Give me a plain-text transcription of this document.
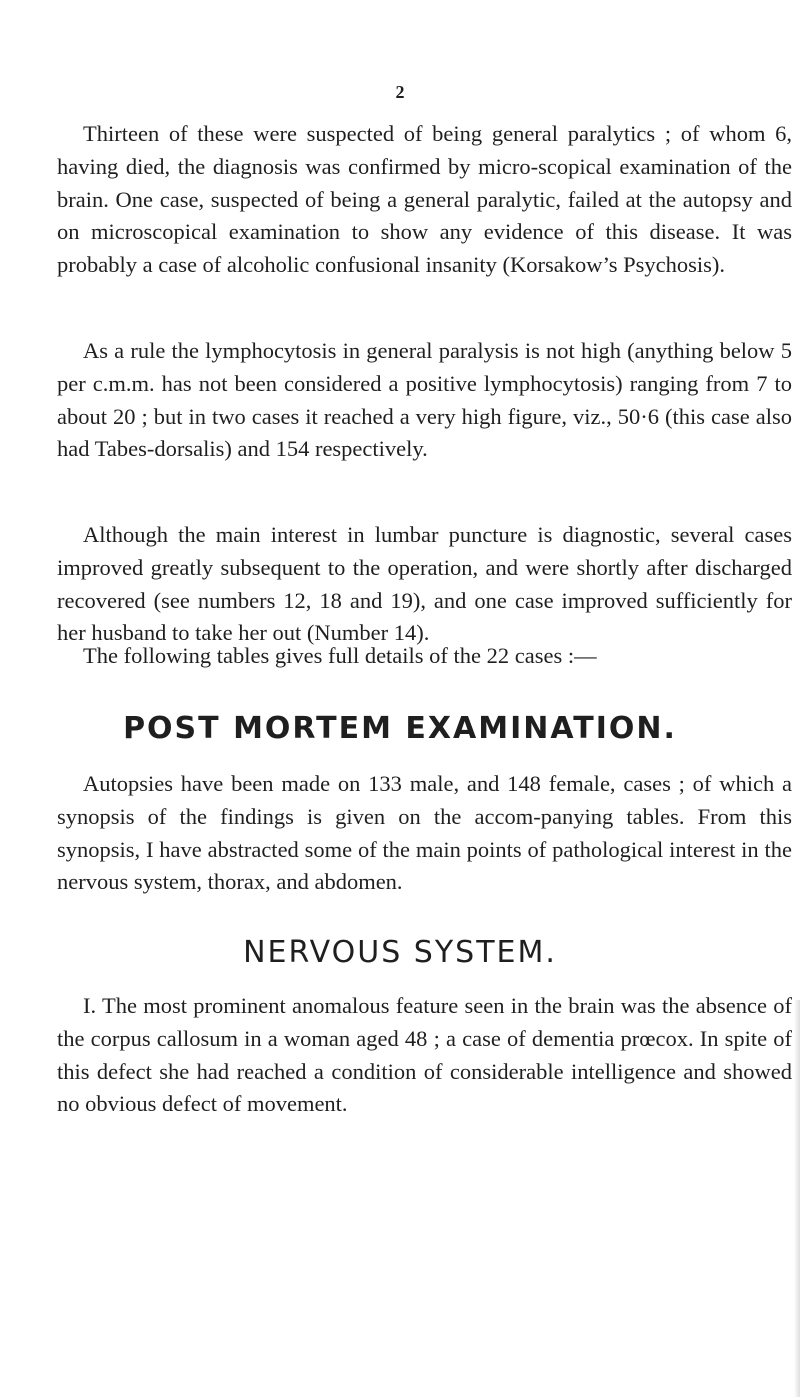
2

Thirteen of these were suspected of being general paralytics ; of whom 6, having died, the diagnosis was confirmed by micro-scopical examination of the brain. One case, suspected of being a general paralytic, failed at the autopsy and on microscopical examination to show any evidence of this disease. It was probably a case of alcoholic confusional insanity (Korsakow’s Psychosis).

As a rule the lymphocytosis in general paralysis is not high (anything below 5 per c.m.m. has not been considered a positive lymphocytosis) ranging from 7 to about 20 ; but in two cases it reached a very high figure, viz., 50·6 (this case also had Tabes-dorsalis) and 154 respectively.

Although the main interest in lumbar puncture is diagnostic, several cases improved greatly subsequent to the operation, and were shortly after discharged recovered (see numbers 12, 18 and 19), and one case improved sufficiently for her husband to take her out (Number 14).

The following tables gives full details of the 22 cases :—

POST MORTEM EXAMINATION.

Autopsies have been made on 133 male, and 148 female, cases ; of which a synopsis of the findings is given on the accom-panying tables. From this synopsis, I have abstracted some of the main points of pathological interest in the nervous system, thorax, and abdomen.

NERVOUS SYSTEM.

I. The most prominent anomalous feature seen in the brain was the absence of the corpus callosum in a woman aged 48 ; a case of dementia prœcox. In spite of this defect she had reached a condition of considerable intelligence and showed no obvious defect of movement.
